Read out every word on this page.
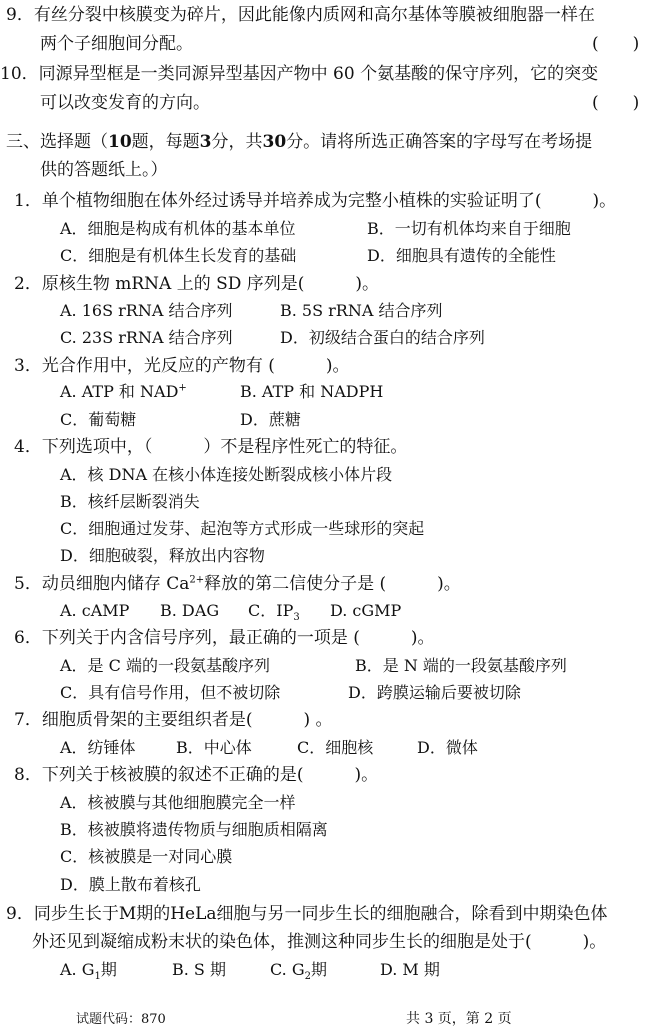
9．有丝分裂中核膜变为碎片，因此能像内质网和高尔基体等膜被细胞器一样在
两个子细胞间分配。	(　　)
10．同源异型框是一类同源异型基因产物中 60 个氨基酸的保守序列，它的突变
可以改变发育的方向。	(　　)
三、选择题（10题，每题3分，共30分。请将所选正确答案的字母写在考场提
供的答题纸上。）
1．单个植物细胞在体外经过诱导并培养成为完整小植株的实验证明了(　　　)。
A．细胞是构成有机体的基本单位	B．一切有机体均来自于细胞
C．细胞是有机体生长发育的基础	D．细胞具有遗传的全能性
2．原核生物 mRNA 上的 SD 序列是(　　　)。
A. 16S rRNA 结合序列	B. 5S rRNA 结合序列
C. 23S rRNA 结合序列	D．初级结合蛋白的结合序列
3．光合作用中，光反应的产物有 (　　　)。
A. ATP 和 NAD+	B. ATP 和 NADPH
C．葡萄糖	D．蔗糖
4．下列选项中，（　　　）不是程序性死亡的特征。
A．核 DNA 在核小体连接处断裂成核小体片段
B．核纤层断裂消失
C．细胞通过发芽、起泡等方式形成一些球形的突起
D．细胞破裂，释放出内容物
5．动员细胞内储存 $Ca^{2+}$释放的第二信使分子是 (　　　)。
A. cAMP B. DAG C．$IP_3$ D. cGMP
6．下列关于内含信号序列，最正确的一项是 (　　　)。
A．是 C 端的一段氨基酸序列	B．是 N 端的一段氨基酸序列
C．具有信号作用，但不被切除	D．跨膜运输后要被切除
7．细胞质骨架的主要组织者是(　　　) 。
A．纺锤体	B．中心体	C．细胞核	D．微体
8．下列关于核被膜的叙述不正确的是(　　　)。
A．核被膜与其他细胞膜完全一样
B．核被膜将遗传物质与细胞质相隔离
C．核被膜是一对同心膜
D．膜上散布着核孔
9．同步生长于M期的HeLa细胞与另一同步生长的细胞融合，除看到中期染色体
外还见到凝缩成粉末状的染色体，推测这种同步生长的细胞是处于(　　　)。
A. $G_1$期	B. S 期	C. $G_2$期	D. M 期
试题代码：870	共 3 页，第 2 页
